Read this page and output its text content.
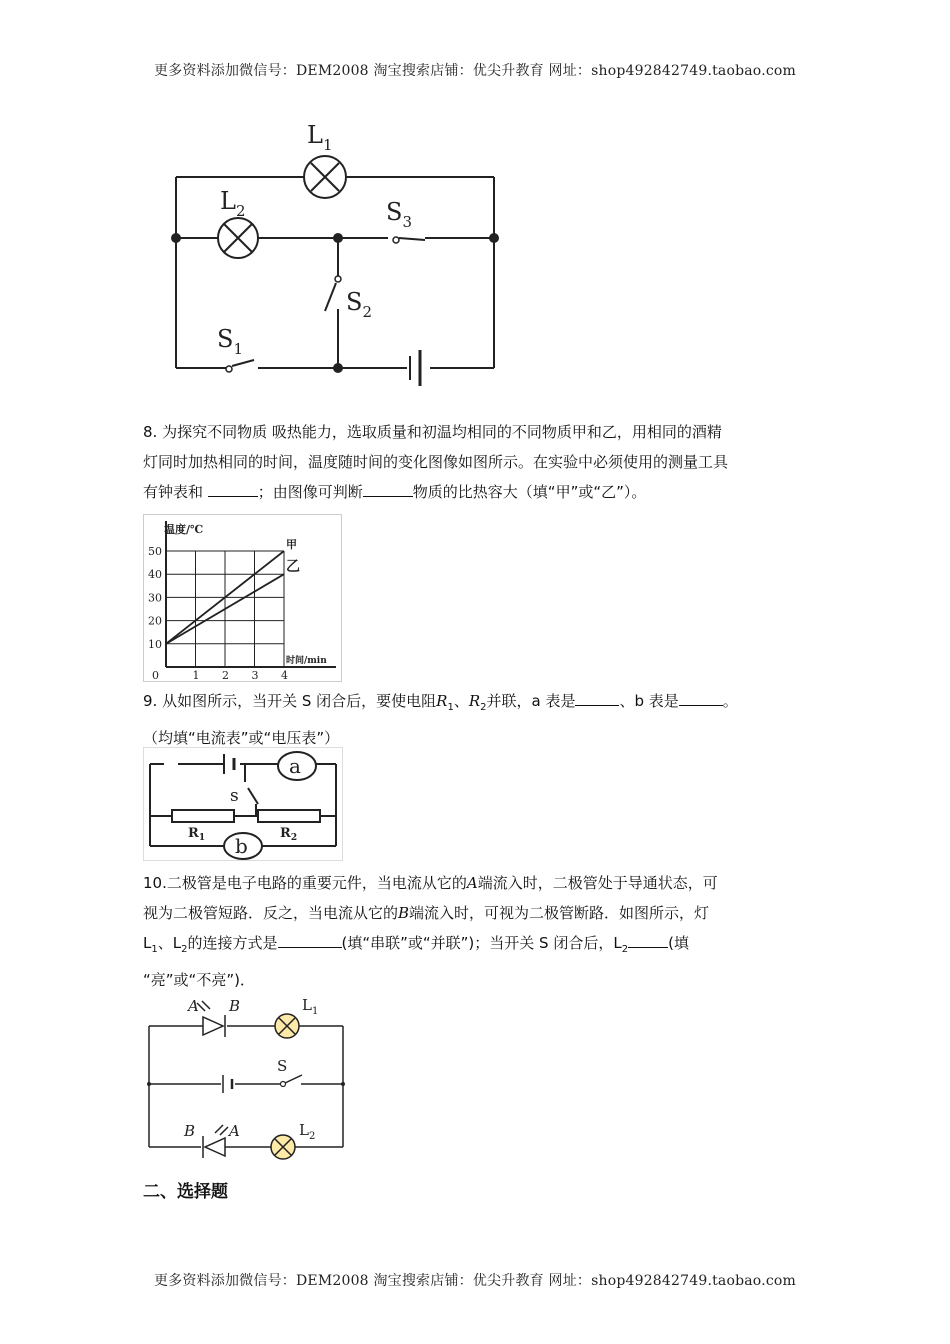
更多资料添加微信号：DEM2008 淘宝搜索店铺：优尖升教育 网址：shop492842749.taobao.com
$L_1$
$L_2$	$S_3$
$S_2$
$S_1$
8. 为探究不同物质 吸热能力，选取质量和初温均相同的不同物质甲和乙，用相同的酒精
灯同时加热相同的时间，温度随时间的变化图像如图所示。在实验中必须使用的测量工具
有钟表和	；由图像可判断	物质的比热容大（填“甲”或“乙”）。
甲
乙
10
20
30
40
50
0	1 2 3 4
温度/℃
时间/min
9. 从如图所示，当开关 S 闭合后，要使电阻$R_1$、$R_2$并联，a 表是	、b 表是	。
（均填“电流表”或“电压表”）
a
b
s
$R_1$	$R_2$
10.二极管是电子电路的重要元件，当电流从它的A端流入时，二极管处于导通状态，可
视为二极管短路．反之，当电流从它的B端流入时，可视为二极管断路．如图所示，灯
$L_1$、$L_2$的连接方式是	(填“串联”或“并联”)；当开关 S 闭合后，$L_2$	(填
“亮”或“不亮”)．
A B	$L_1$
S
B A	$L_2$
二、选择题
更多资料添加微信号：DEM2008 淘宝搜索店铺：优尖升教育 网址：shop492842749.taobao.com
